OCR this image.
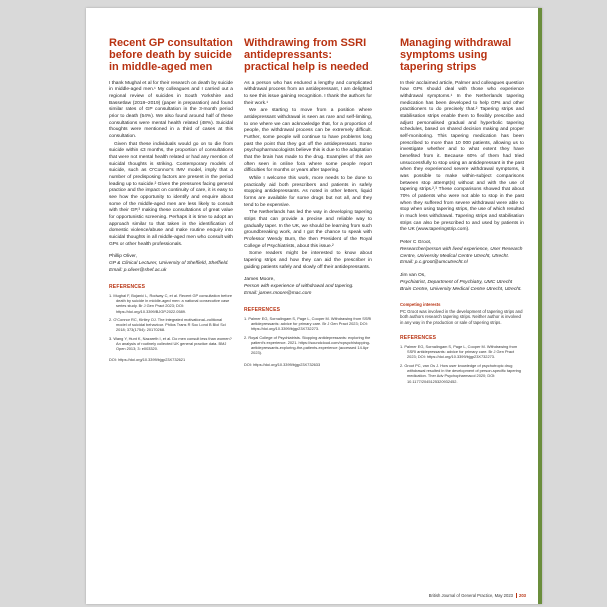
Recent GP consultation before death by suicide in middle-aged men

I thank Mughal et al for their research on death by suicide in middle-aged men.¹ My colleagues and I carried out a regional review of suicides in South Yorkshire and Bassetlaw (2018–2019) (paper in preparation) and found similar rates of GP consultation in the 3-month period prior to death (54%). We also found around half of these consultations were mental health related (48%). Suicidal thoughts were mentioned in a third of cases at this consultation.

Given that these individuals would go on to die from suicide within ≤3 months, the proportion of consultations that were not mental health related or had any mention of suicidal thoughts is striking. Contemporary models of suicide, such as O’Connor’s IMV model, imply that a number of predisposing factors are present in the period leading up to suicide.² Given the pressures facing general practice and the impact on continuity of care, it is easy to see how the opportunity to identify and enquire about some of the middle-aged men are less likely to consult with their GP,³ making these consultations of great value for opportunistic screening. Perhaps it is time to adopt an approach similar to that taken in the identification of domestic violence/abuse and make routine enquiry into suicidal thoughts in all middle-aged men who consult with GPs or other health professionals.

Phillip Oliver,
GP & Clinical Lecturer, University of Sheffield, Sheffield.
Email: p.oliver@shef.ac.uk
REFERENCES
1. Mughal F, Bojanić L, Rodway C, et al. Recent GP consultation before death by suicide in middle-aged men: a national consecutive case series study. Br J Gen Pract 2023; DOI: https://doi.org/10.3399/BJGP.2022.0589.
2. O’Connor RC, Kirtley OJ. The integrated motivational–volitional model of suicidal behaviour. Philos Trans R Soc Lond B Biol Sci 2018; 373(1754): 20170268.
3. Wang Y, Hunt K, Nazareth I, et al. Do men consult less than women? An analysis of routinely collected UK general practice data. BMJ Open 2013; 3: e003320.
DOI: https://doi.org/10.3399/bjgp23X732621
Withdrawing from SSRI antidepressants: practical help is needed

As a person who has endured a lengthy and complicated withdrawal process from an antidepressant, I am delighted to see this issue gaining recognition. I thank the authors for their work.¹

We are starting to move from a position where antidepressant withdrawal is seen as rare and self-limiting, to one where we can acknowledge that, for a proportion of people, the withdrawal process can be extremely difficult. Further, some people will continue to have problems long past the point that they got off the antidepressant. Some psychopharmacologists believe this is due to the adaptation that the brain has made to the drug. Examples of this are often seen in online fora where some people report difficulties for months or years after tapering.

While I welcome this work, more needs to be done to practically aid both prescribers and patients in safely stopping antidepressants. As noted in other letters, liquid forms are available for some drugs but not all, and they tend to be expensive.

The Netherlands has led the way in developing tapering strips that can provide a precise and reliable way to gradually taper. In the UK, we should be learning from such groundbreaking work, and I got the chance to speak with Professor Wendy Burn, the then President of the Royal College of Psychiatrists, about this issue.²

Some readers might be interested to know about tapering strips and how they can aid the prescriber in guiding patients safely and slowly off their antidepressants.

James Moore,
Person with experience of withdrawal and tapering.
Email: james.moore@mac.com
REFERENCES
1. Palmer EG, Sornalingam S, Page L, Cooper M. Withdrawing from SSRI antidepressants: advice for primary care. Br J Gen Pract 2023; DOI: https://doi.org/10.3399/bjgp23X732273.
2. Royal College of Psychiatrists. Stopping antidepressants: exploring the patient’s experience. 2021. https://soundcloud.com/rcpsych/stopping-antidepressants-exploring-the-patients-experience (accessed 14 Apr 2023).
DOI: https://doi.org/10.3399/bjgp23X732633
Managing withdrawal symptoms using tapering strips

In their acclaimed article, Palmer and colleagues question how GPs should deal with those who experience withdrawal symptoms.¹ In the Netherlands tapering medication has been developed to help GPs and other practitioners to do precisely that.² Tapering strips and stabilisation strips enable them to flexibly prescribe and adjust personalised gradual and hyperbolic tapering schedules, based on shared decision making and proper self-monitoring. This tapering medication has been prescribed to more than 10 000 patients, allowing us to investigate whether and to what extent they have benefited from it. Because 60% of them had tried unsuccessfully to stop using an antidepressant in the past when they experienced severe withdrawal symptoms, it was possible to make within-subject comparisons between stop attempt(s) without and with the use of tapering strips.²,³ These comparisons showed that about 70% of patients who were not able to stop in the past when they suffered from severe withdrawal were able to stop when using tapering strips, the use of which resulted in much less withdrawal. Tapering strips and stabilisation strips can also be prescribed to and used by patients in the UK (www.taperingstrip.com).

Peter C Groot,
Researcher/person with lived experience, User Research Centre, University Medical Centre Utrecht, Utrecht.
Email: p.c.groot@umcutrecht.nl
Jim van Os,
Psychiatrist, Department of Psychiatry, UMC Utrecht Brain Centre, University Medical Centre Utrecht, Utrecht.
Competing interests

PC Groot was involved in the development of tapering strips and both authors research tapering strips. Neither author is involved in any way in the production or sale of tapering strips.

REFERENCES
1. Palmer EG, Sornalingam S, Page L, Cooper M. Withdrawing from SSRI antidepressants: advice for primary care. Br J Gen Pract 2023; DOI: https://doi.org/10.3399/bjgp23X732273.
2. Groot PC, van Os J. How user knowledge of psychotropic drug withdrawal resulted in the development of person-specific tapering medication. Ther Adv Psychopharmacol 2020; DOI: 10.1177/2045125320932452.
British Journal of General Practice, May 2023 203
